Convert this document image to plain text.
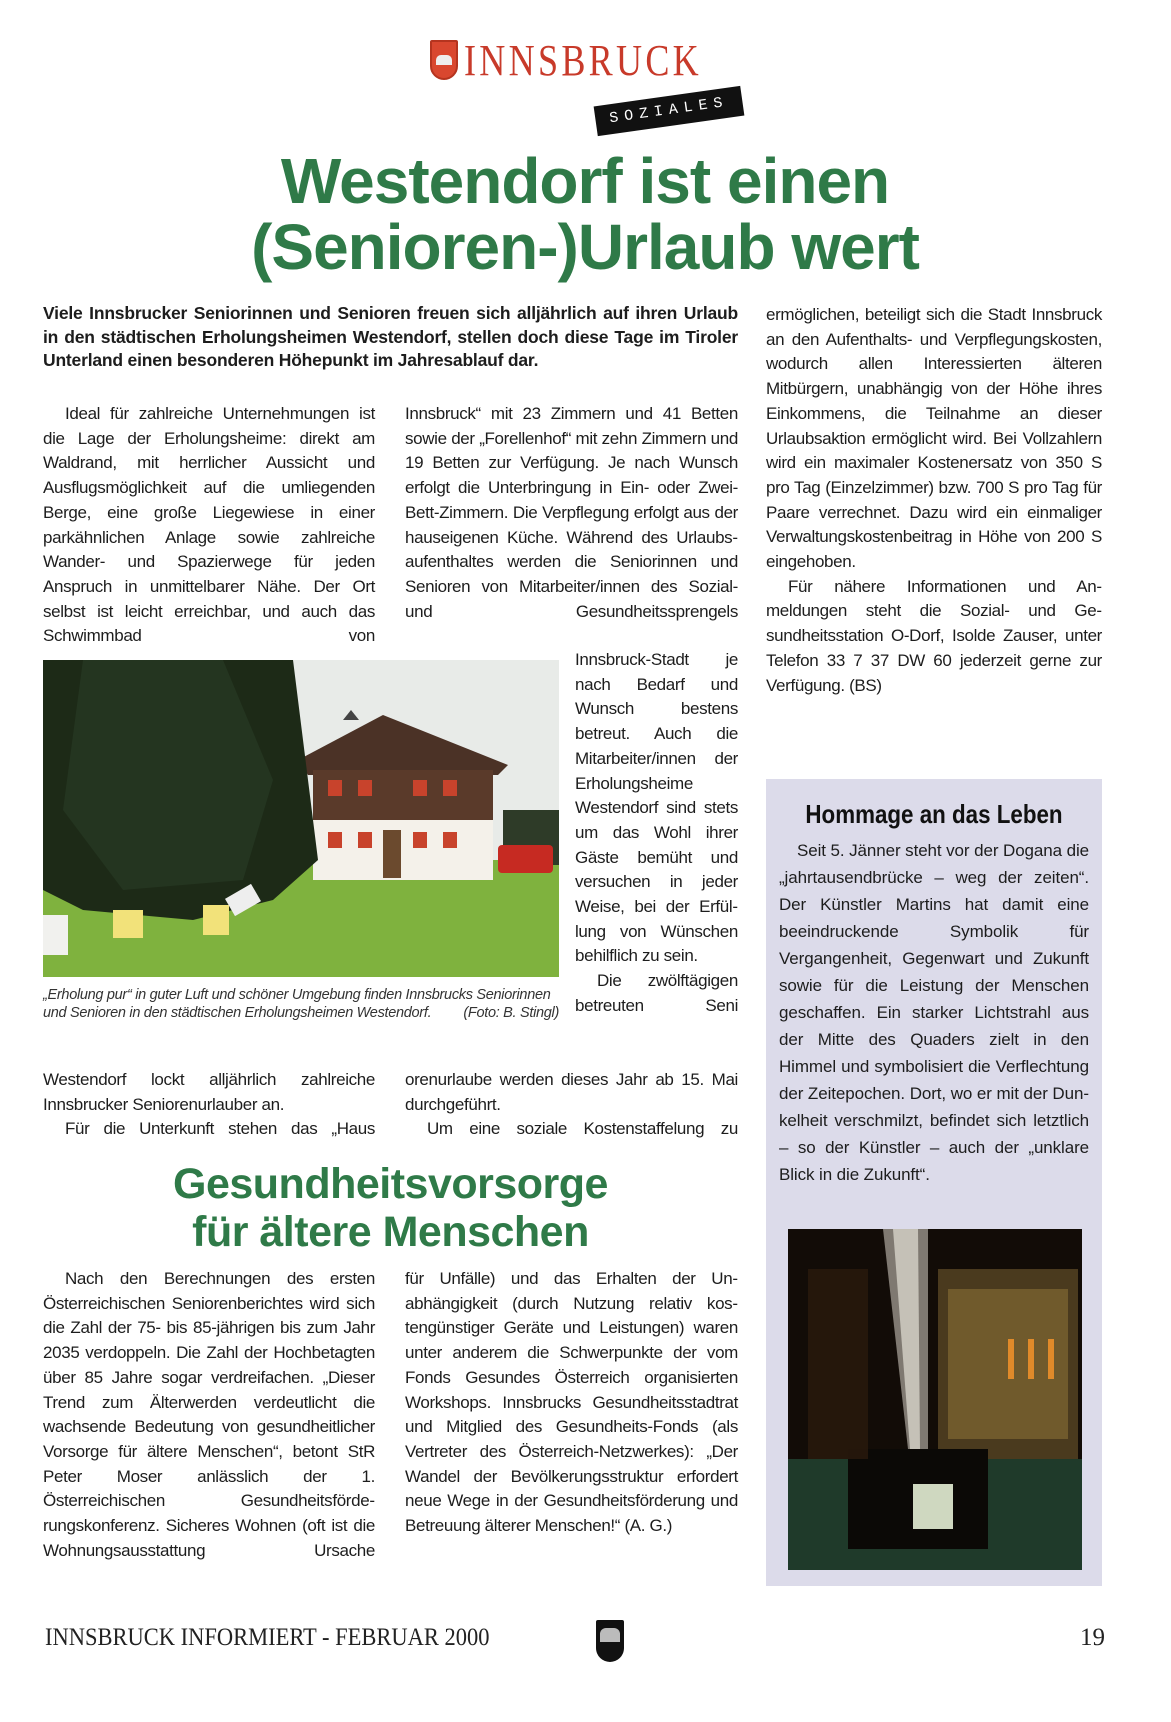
INNSBRUCK
SOZIALES
Westendorf ist einen
(Senioren-)Urlaub wert
Viele Innsbrucker Seniorinnen und Senioren freuen sich alljährlich auf ihren Urlaub in den städtischen Erholungsheimen Westendorf, stellen doch diese Tage im Tiroler Unterland einen besonderen Höhepunkt im Jahresablauf dar.

Ideal für zahlreiche Unternehmungen ist die Lage der Erholungsheime: direkt am Waldrand, mit herrlicher Aussicht und Ausflugsmöglichkeit auf die umliegenden Berge, eine große Liegewiese in einer parkähnlichen Anlage sowie zahlreiche Wander- und Spazierwege für jeden Anspruch in unmittelbarer Nähe. Der Ort selbst ist leicht erreichbar, und auch das Schwimmbad von

Innsbruck“ mit 23 Zimmern und 41 Betten sowie der „Forellenhof“ mit zehn Zimmern und 19 Betten zur Verfügung. Je nach Wunsch erfolgt die Unterbringung in Ein- oder Zwei-Bett-Zimmern. Die Verpflegung erfolgt aus der hauseigenen Küche. Während des Urlaubsaufenthaltes werden die Seniorinnen und Senioren von Mitarbeiter/innen des Sozial- und Gesundheitssprengels

„Erholung pur“ in guter Luft und schöner Umgebung finden Innsbrucks Seniorinnen und Senioren in den städtischen Erholungsheimen Westendorf. (Foto: B. Stingl)

Innsbruck-Stadt je nach Bedarf und Wunsch bestens betreut. Auch die Mitarbeiter/innen der Erholungsheime Westendorf sind stets um das Wohl ihrer Gäste bemüht und versuchen in jeder Weise, bei der Erfüllung von Wünschen behilflich zu sein.

Die zwölftägigen betreuten Seni

Westendorf lockt alljährlich zahlreiche Innsbrucker Seniorenurlauber an.

Für die Unterkunft stehen das „Haus

orenurlaube werden dieses Jahr ab 15. Mai durchgeführt.

Um eine soziale Kostenstaffelung zu

ermöglichen, beteiligt sich die Stadt Innsbruck an den Aufenthalts- und Verpflegungskosten, wodurch allen Interessierten älteren Mitbürgern, unabhängig von der Höhe ihres Einkommens, die Teilnahme an dieser Urlaubsaktion ermöglicht wird. Bei Vollzahlern wird ein maximaler Kostenersatz von 350 S pro Tag (Einzelzimmer) bzw. 700 S pro Tag für Paare verrechnet. Dazu wird ein einmaliger Verwaltungskostenbeitrag in Höhe von 200 S eingehoben.

Für nähere Informationen und Anmeldungen steht die Sozial- und Gesundheitsstation O-Dorf, Isolde Zauser, unter Telefon 33 7 37 DW 60 jederzeit gerne zur Verfügung. (BS)

Hommage an das Leben

Seit 5. Jänner steht vor der Dogana die „jahrtausendbrücke – weg der zeiten“. Der Künstler Martins hat damit eine beeindruckende Symbolik für Vergangenheit, Gegenwart und Zukunft sowie für die Leistung der Menschen geschaffen. Ein starker Lichtstrahl aus der Mitte des Quaders zielt in den Himmel und symbolisiert die Verflechtung der Zeitepochen. Dort, wo er mit der Dunkelheit verschmilzt, befindet sich letztlich – so der Künstler – auch der „unklare Blick in die Zukunft“.

Gesundheitsvorsorge
für ältere Menschen

Nach den Berechnungen des ersten Österreichischen Seniorenberichtes wird sich die Zahl der 75- bis 85-jährigen bis zum Jahr 2035 verdoppeln. Die Zahl der Hochbetagten über 85 Jahre sogar verdreifachen. „Dieser Trend zum Älterwerden verdeutlicht die wachsende Bedeutung von gesundheitlicher Vorsorge für ältere Menschen“, betont StR Peter Moser anlässlich der 1. Österreichischen Gesundheitsförderungskonferenz. Sicheres Wohnen (oft ist die Wohnungsausstattung Ursache

für Unfälle) und das Erhalten der Unabhängigkeit (durch Nutzung relativ kostengünstiger Geräte und Leistungen) waren unter anderem die Schwerpunkte der vom Fonds Gesundes Österreich organisierten Workshops. Innsbrucks Gesundheitsstadtrat und Mitglied des Gesundheits-Fonds (als Vertreter des Österreich-Netzwerkes): „Der Wandel der Bevölkerungsstruktur erfordert neue Wege in der Gesundheitsförderung und Betreuung älterer Menschen!“ (A. G.)

INNSBRUCK INFORMIERT - FEBRUAR 2000	19
